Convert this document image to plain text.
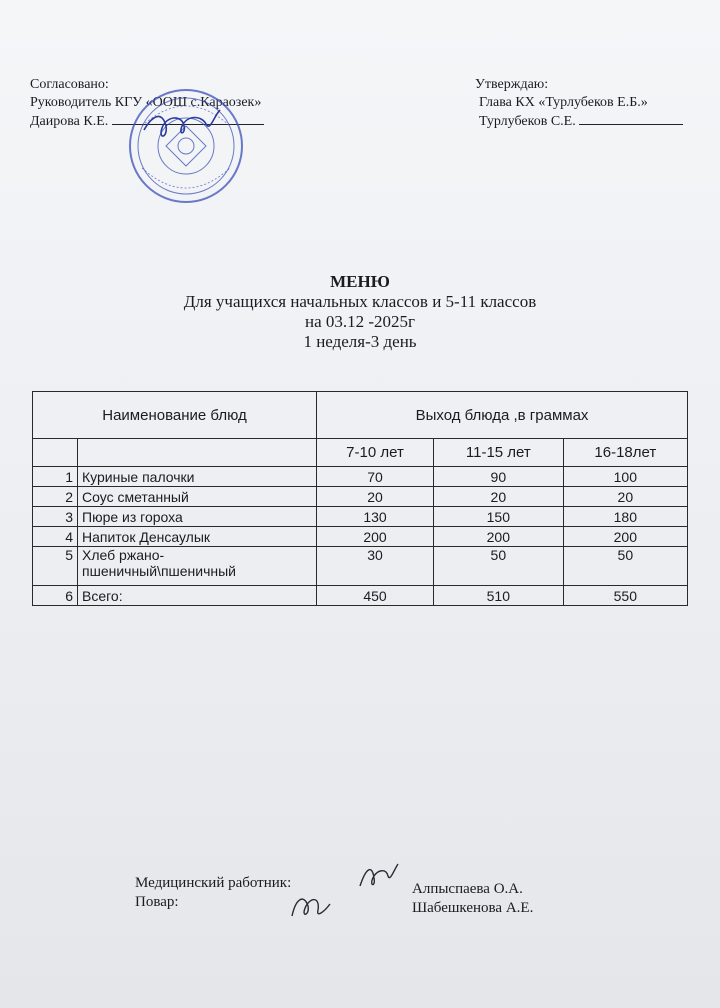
Согласовано:
Руководитель КГУ «ООШ с.Караозек»
Даирова К.Е.
Утверждаю:
Глава КХ «Турлубеков Е.Б.»
Турлубеков С.Е.
МЕНЮ
Для учащихся начальных классов и 5-11 классов
на 03.12 -2025г
1 неделя-3 день
Наименование блюд		Выход блюда ,в граммах		
		7-10 лет	11-15 лет	16-18лет
1	Куриные палочки	70	90	100
2	Соус сметанный	20	20	20
3	Пюре из гороха	130	150	180
4	Напиток Денсаулык	200	200	200
5	Хлеб ржано-
пшеничный\пшеничный	30	50	50
6	Всего:	450	510	550
Медицинский работник:
Повар:
Алпыспаева О.А.
Шабешкенова А.Е.
